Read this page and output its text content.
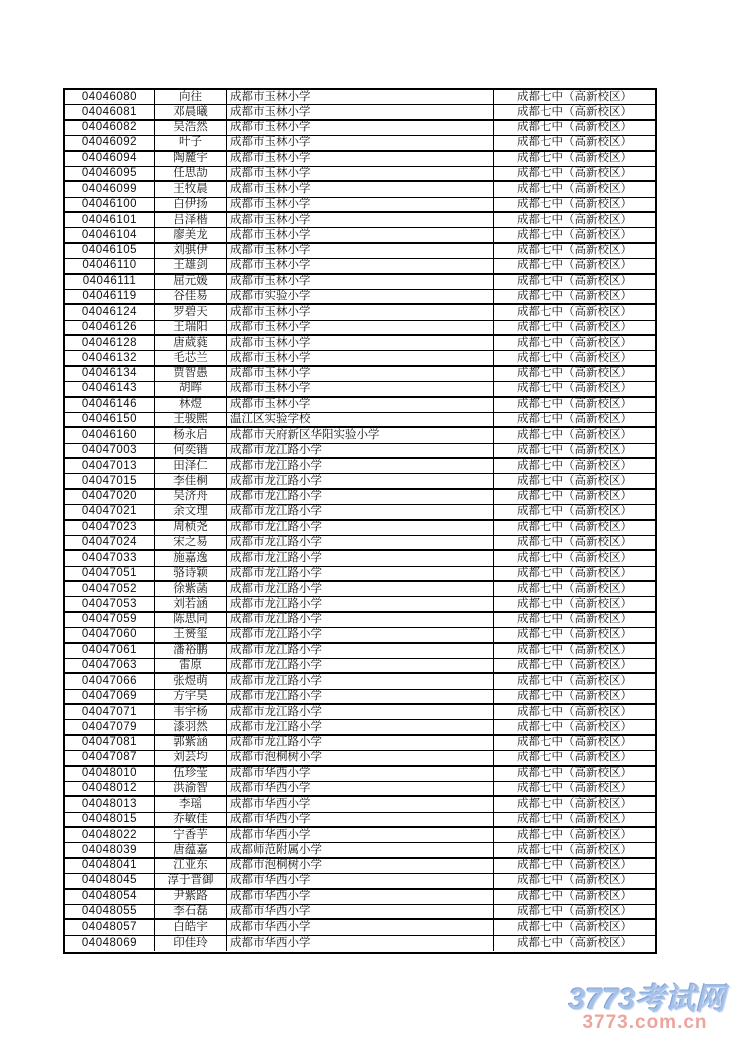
04046080	向往	成都市玉林小学	成都七中（高新校区）
04046081	邓晨曦	成都市玉林小学	成都七中（高新校区）
04046082	吴浩然	成都市玉林小学	成都七中（高新校区）
04046092	叶子	成都市玉林小学	成都七中（高新校区）
04046094	陶麓宇	成都市玉林小学	成都七中（高新校区）
04046095	任思劼	成都市玉林小学	成都七中（高新校区）
04046099	王牧晨	成都市玉林小学	成都七中（高新校区）
04046100	白伊扬	成都市玉林小学	成都七中（高新校区）
04046101	吕泽楷	成都市玉林小学	成都七中（高新校区）
04046104	廖美龙	成都市玉林小学	成都七中（高新校区）
04046105	刘骐伊	成都市玉林小学	成都七中（高新校区）
04046110	王雄剑	成都市玉林小学	成都七中（高新校区）
04046111	屈元媛	成都市玉林小学	成都七中（高新校区）
04046119	谷佳易	成都市实验小学	成都七中（高新校区）
04046124	罗碧天	成都市玉林小学	成都七中（高新校区）
04046126	王瑞阳	成都市玉林小学	成都七中（高新校区）
04046128	唐葳蕤	成都市玉林小学	成都七中（高新校区）
04046132	毛芯兰	成都市玉林小学	成都七中（高新校区）
04046134	贾智愚	成都市玉林小学	成都七中（高新校区）
04046143	胡晖	成都市玉林小学	成都七中（高新校区）
04046146	林煜	成都市玉林小学	成都七中（高新校区）
04046150	王骏熙	温江区实验学校	成都七中（高新校区）
04046160	杨永启	成都市天府新区华阳实验小学	成都七中（高新校区）
04047003	何奕锴	成都市龙江路小学	成都七中（高新校区）
04047013	田泽仁	成都市龙江路小学	成都七中（高新校区）
04047015	李佳桐	成都市龙江路小学	成都七中（高新校区）
04047020	吴济舟	成都市龙江路小学	成都七中（高新校区）
04047021	余文理	成都市龙江路小学	成都七中（高新校区）
04047023	周桢尧	成都市龙江路小学	成都七中（高新校区）
04047024	宋之易	成都市龙江路小学	成都七中（高新校区）
04047033	施嘉逸	成都市龙江路小学	成都七中（高新校区）
04047051	骆诗颖	成都市龙江路小学	成都七中（高新校区）
04047052	徐紫菡	成都市龙江路小学	成都七中（高新校区）
04047053	刘若涵	成都市龙江路小学	成都七中（高新校区）
04047059	陈思同	成都市龙江路小学	成都七中（高新校区）
04047060	王赟玺	成都市龙江路小学	成都七中（高新校区）
04047061	潘裕鹏	成都市龙江路小学	成都七中（高新校区）
04047063	雷原	成都市龙江路小学	成都七中（高新校区）
04047066	张煜萌	成都市龙江路小学	成都七中（高新校区）
04047069	方宇昊	成都市龙江路小学	成都七中（高新校区）
04047071	韦宇杨	成都市龙江路小学	成都七中（高新校区）
04047079	漆羽然	成都市龙江路小学	成都七中（高新校区）
04047081	郭紫涵	成都市龙江路小学	成都七中（高新校区）
04047087	刘芸均	成都市泡桐树小学	成都七中（高新校区）
04048010	伍珍莹	成都市华西小学	成都七中（高新校区）
04048012	洪渝智	成都市华西小学	成都七中（高新校区）
04048013	李瑶	成都市华西小学	成都七中（高新校区）
04048015	乔敏佳	成都市华西小学	成都七中（高新校区）
04048022	宁香芋	成都市华西小学	成都七中（高新校区）
04048039	唐蕴嘉	成都师范附属小学	成都七中（高新校区）
04048041	江亚东	成都市泡桐树小学	成都七中（高新校区）
04048045	淳于晋御	成都市华西小学	成都七中（高新校区）
04048054	尹紫路	成都市华西小学	成都七中（高新校区）
04048055	李石磊	成都市华西小学	成都七中（高新校区）
04048057	白皓宇	成都市华西小学	成都七中（高新校区）
04048069	印佳玲	成都市华西小学	成都七中（高新校区）
3773考试网
3773.com.cn
